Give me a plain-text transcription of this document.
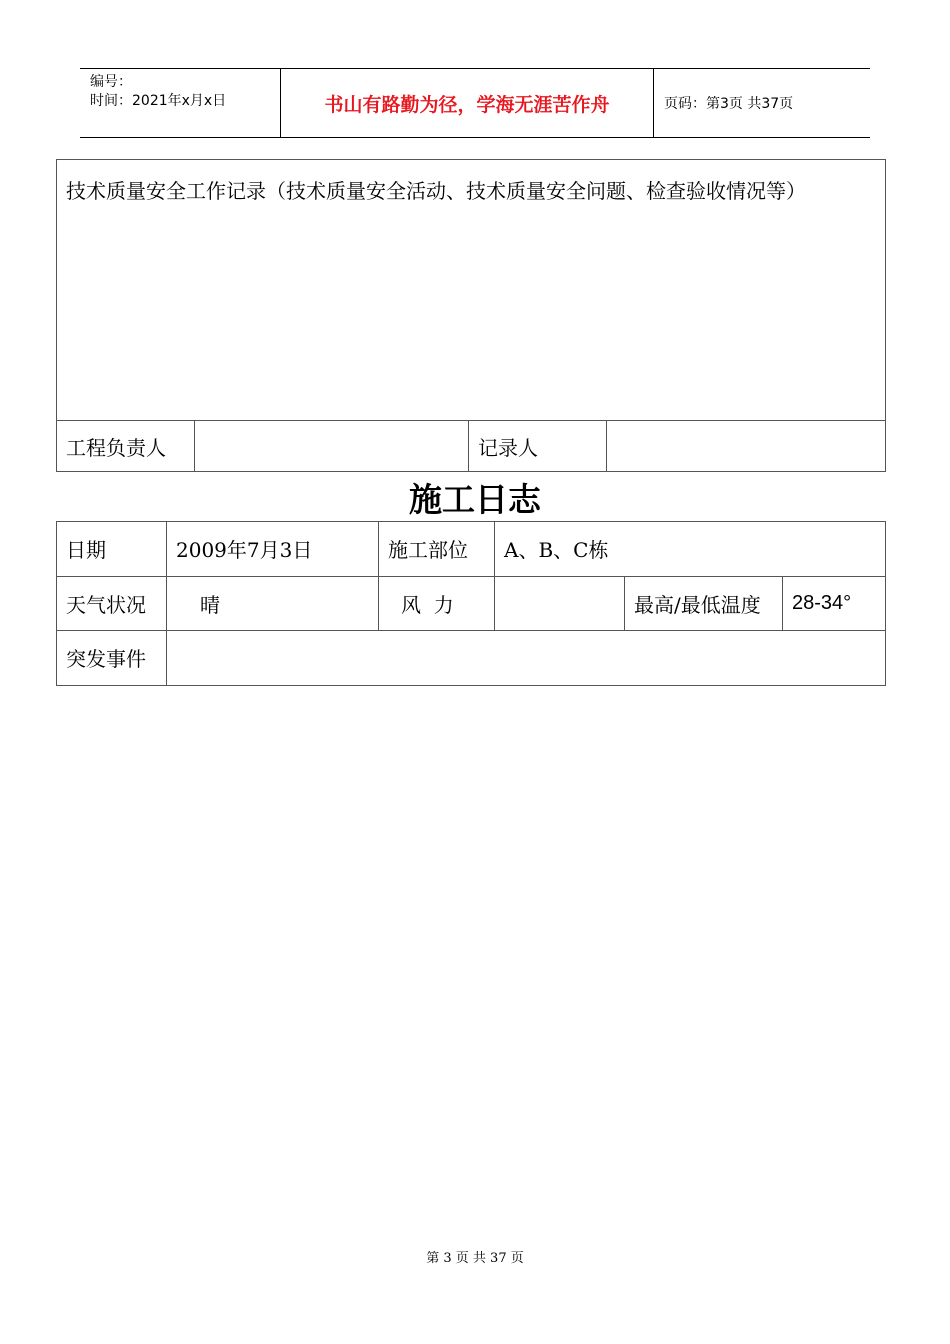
编号：
时间：2021年x月x日	书山有路勤为径，学海无涯苦作舟	页码：第3页 共37页
技术质量安全工作记录（技术质量安全活动、技术质量安全问题、检查验收情况等）
工程负责人		记录人	
施工日志
日期	2009年7月3日	施工部位	A、B、C栋		
天气状况	晴	风  力		最高/最低温度	28-34°
突发事件					
第 3 页 共 37 页
